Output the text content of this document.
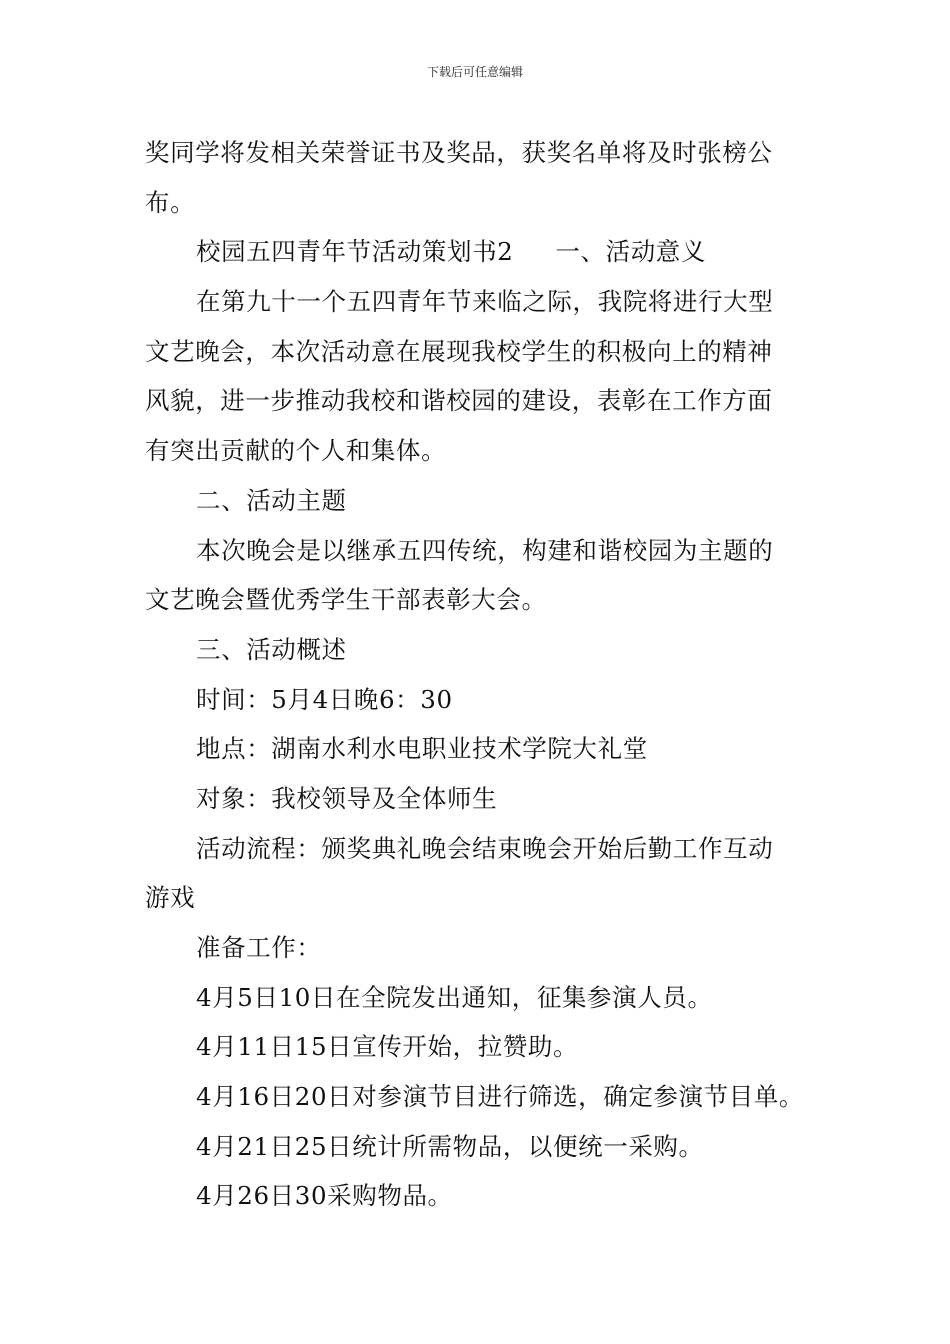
下载后可任意编辑
奖同学将发相关荣誉证书及奖品，获奖名单将及时张榜公
布。
校园五四青年节活动策划书2 一、活动意义
在第九十一个五四青年节来临之际，我院将进行大型
文艺晚会，本次活动意在展现我校学生的积极向上的精神
风貌，进一步推动我校和谐校园的建设，表彰在工作方面
有突出贡献的个人和集体。
二、活动主题
本次晚会是以继承五四传统，构建和谐校园为主题的
文艺晚会暨优秀学生干部表彰大会。
三、活动概述
时间：5月4日晚6：30
地点：湖南水利水电职业技术学院大礼堂
对象：我校领导及全体师生
活动流程：颁奖典礼晚会结束晚会开始后勤工作互动
游戏
准备工作：
4月5日10日在全院发出通知，征集参演人员。
4月11日15日宣传开始，拉赞助。
4月16日20日对参演节目进行筛选，确定参演节目单。
4月21日25日统计所需物品，以便统一采购。
4月26日30采购物品。
